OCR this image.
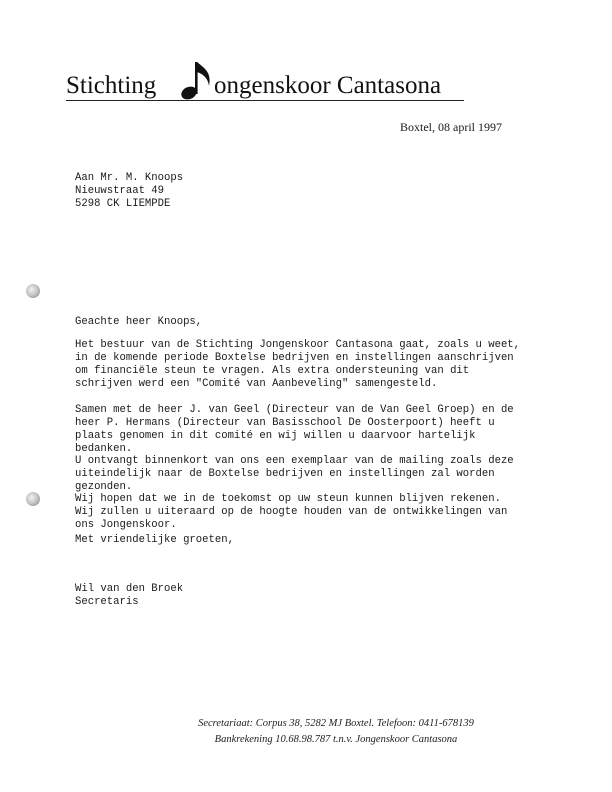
Stichting ongenskoor Cantasona
Boxtel, 08 april 1997
Aan Mr. M. Knoops
Nieuwstraat 49
5298 CK LIEMPDE
Geachte heer Knoops,

Het bestuur van de Stichting Jongenskoor Cantasona gaat, zoals u weet, in de komende periode Boxtelse bedrijven en instellingen aanschrijven om financiële steun te vragen. Als extra ondersteuning van dit schrijven werd een "Comité van Aanbeveling" samengesteld.

Samen met de heer J. van Geel (Directeur van de Van Geel Groep) en de heer P. Hermans (Directeur van Basisschool De Oosterpoort) heeft u plaats genomen in dit comité en wij willen u daarvoor hartelijk bedanken.

U ontvangt binnenkort van ons een exemplaar van de mailing zoals deze uiteindelijk naar de Boxtelse bedrijven en instellingen zal worden gezonden.

Wij hopen dat we in de toekomst op uw steun kunnen blijven rekenen. Wij zullen u uiteraard op de hoogte houden van de ontwikkelingen van ons Jongenskoor.

Met vriendelijke groeten,
Wil van den Broek
Secretaris
Secretariaat: Corpus 38, 5282 MJ Boxtel. Telefoon: 0411-678139
Bankrekening 10.68.98.787 t.n.v. Jongenskoor Cantasona
